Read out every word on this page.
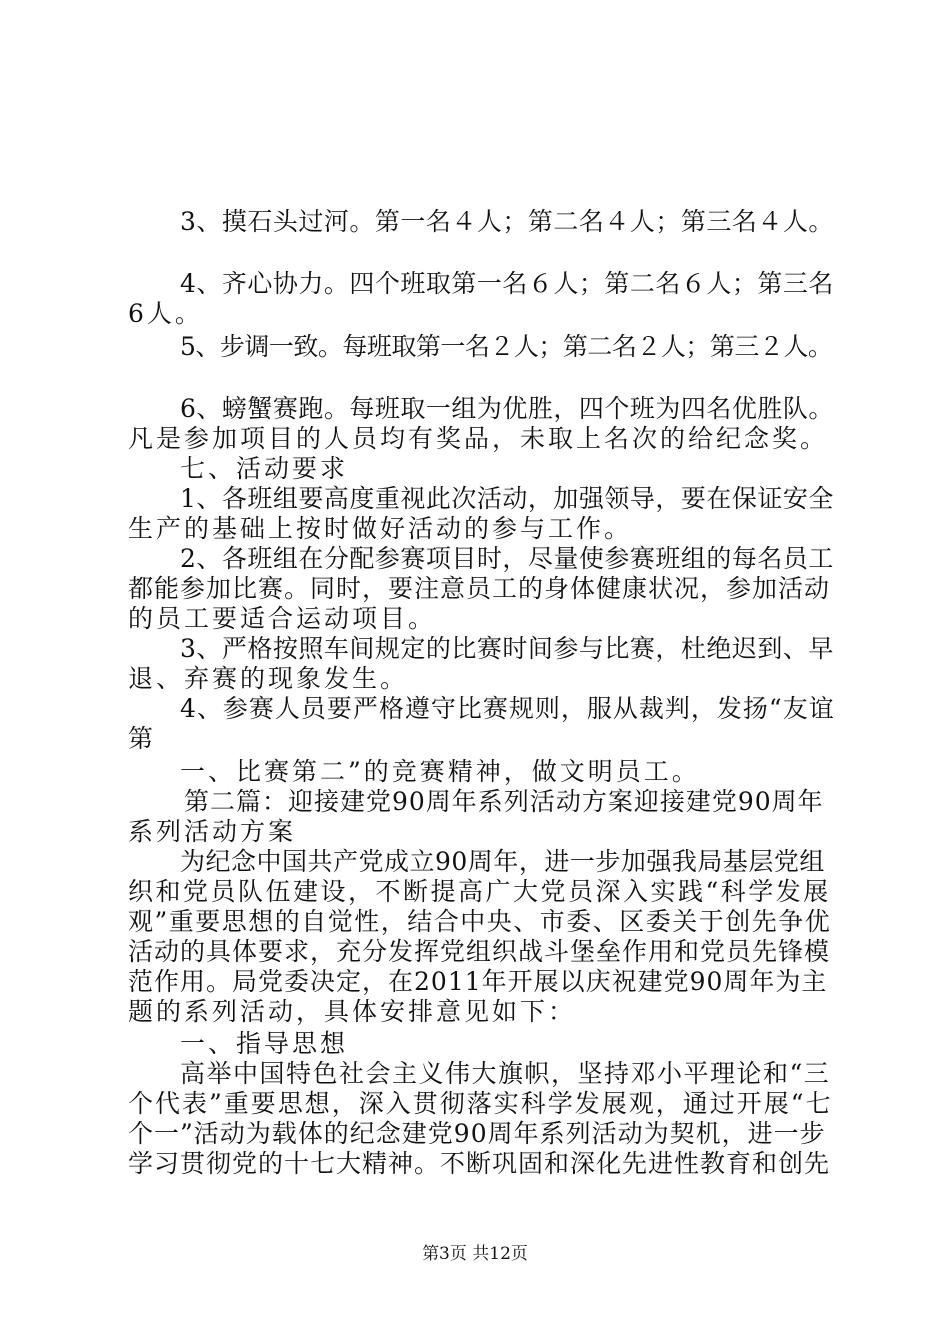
3、摸石头过河。第一名４人；第二名４人；第三名４人。
4、齐心协力。四个班取第一名６人；第二名６人；第三名
6人。
5、步调一致。每班取第一名２人；第二名２人；第三２人。
6、螃蟹赛跑。每班取一组为优胜，四个班为四名优胜队。
凡是参加项目的人员均有奖品，未取上名次的给纪念奖。
七、活动要求
1、各班组要高度重视此次活动，加强领导，要在保证安全
生产的基础上按时做好活动的参与工作。
2、各班组在分配参赛项目时，尽量使参赛班组的每名员工
都能参加比赛。同时，要注意员工的身体健康状况，参加活动
的员工要适合运动项目。
3、严格按照车间规定的比赛时间参与比赛，杜绝迟到、早
退、弃赛的现象发生。
4、参赛人员要严格遵守比赛规则，服从裁判，发扬“友谊
第
一、比赛第二”的竞赛精神，做文明员工。
第二篇：迎接建党90周年系列活动方案迎接建党90周年
系列活动方案
为纪念中国共产党成立90周年，进一步加强我局基层党组
织和党员队伍建设，不断提高广大党员深入实践“科学发展
观”重要思想的自觉性，结合中央、市委、区委关于创先争优
活动的具体要求，充分发挥党组织战斗堡垒作用和党员先锋模
范作用。局党委决定，在2011年开展以庆祝建党90周年为主
题的系列活动，具体安排意见如下：
一、指导思想
高举中国特色社会主义伟大旗帜，坚持邓小平理论和“三
个代表”重要思想，深入贯彻落实科学发展观，通过开展“七
个一”活动为载体的纪念建党90周年系列活动为契机，进一步
学习贯彻党的十七大精神。不断巩固和深化先进性教育和创先
第3页 共12页
